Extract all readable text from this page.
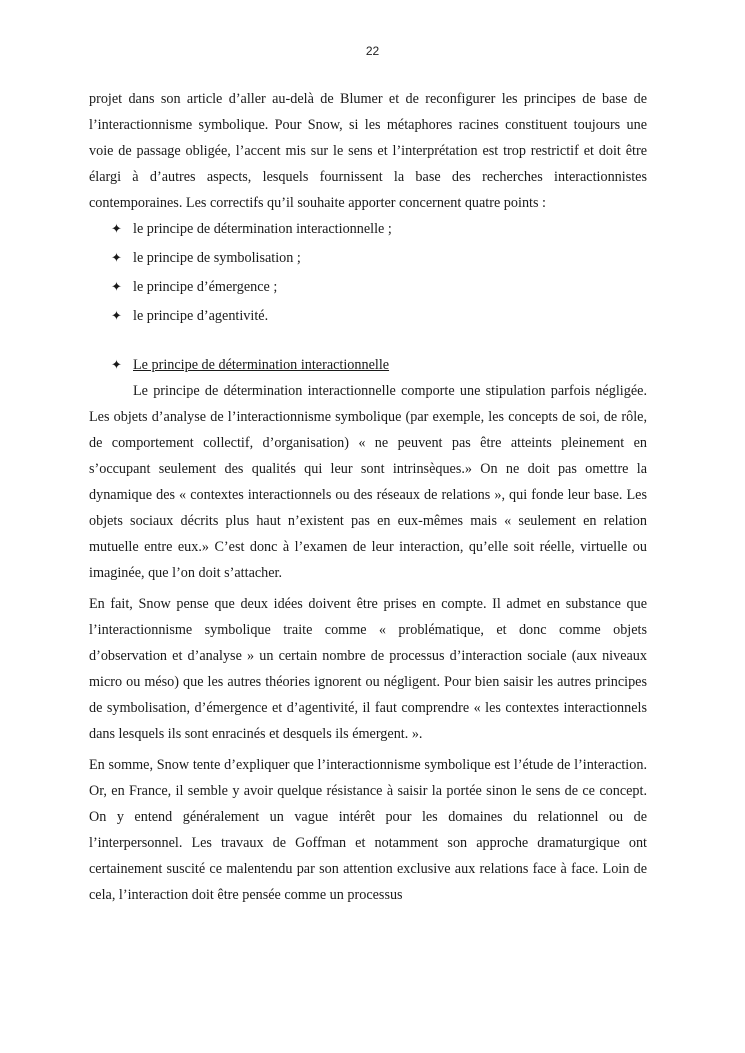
22

projet dans son article d’aller au-delà de Blumer et de reconfigurer les principes de base de l’interactionnisme symbolique. Pour Snow, si les métaphores racines constituent toujours une voie de passage obligée, l’accent mis sur le sens et l’interprétation est trop restrictif et doit être élargi à d’autres aspects, lesquels fournissent la base des recherches interactionnistes contemporaines. Les correctifs qu’il souhaite apporter concernent quatre points :

✦ le principe de détermination interactionnelle ;
✦ le principe de symbolisation ;
✦ le principe d’émergence ;
✦ le principe d’agentivité.
✦ Le principe de détermination interactionnelle

Le principe de détermination interactionnelle comporte une stipulation parfois négligée. Les objets d’analyse de l’interactionnisme symbolique (par exemple, les concepts de soi, de rôle, de comportement collectif, d’organisation) « ne peuvent pas être atteints pleinement en s’occupant seulement des qualités qui leur sont intrinsèques.» On ne doit pas omettre la dynamique des « contextes interactionnels ou des réseaux de relations », qui fonde leur base. Les objets sociaux décrits plus haut n’existent pas en eux-mêmes mais « seulement en relation mutuelle entre eux.» C’est donc à l’examen de leur interaction, qu’elle soit réelle, virtuelle ou imaginée, que l’on doit s’attacher.

En fait, Snow pense que deux idées doivent être prises en compte. Il admet en substance que l’interactionnisme symbolique traite comme « problématique, et donc comme objets d’observation et d’analyse » un certain nombre de processus d’interaction sociale (aux niveaux micro ou méso) que les autres théories ignorent ou négligent. Pour bien saisir les autres principes de symbolisation, d’émergence et d’agentivité, il faut comprendre « les contextes interactionnels dans lesquels ils sont enracinés et desquels ils émergent. ».

En somme, Snow tente d’expliquer que l’interactionnisme symbolique est l’étude de l’interaction. Or, en France, il semble y avoir quelque résistance à saisir la portée sinon le sens de ce concept. On y entend généralement un vague intérêt pour les domaines du relationnel ou de l’interpersonnel. Les travaux de Goffman et notamment son approche dramaturgique ont certainement suscité ce malentendu par son attention exclusive aux relations face à face. Loin de cela, l’interaction doit être pensée comme un processus
